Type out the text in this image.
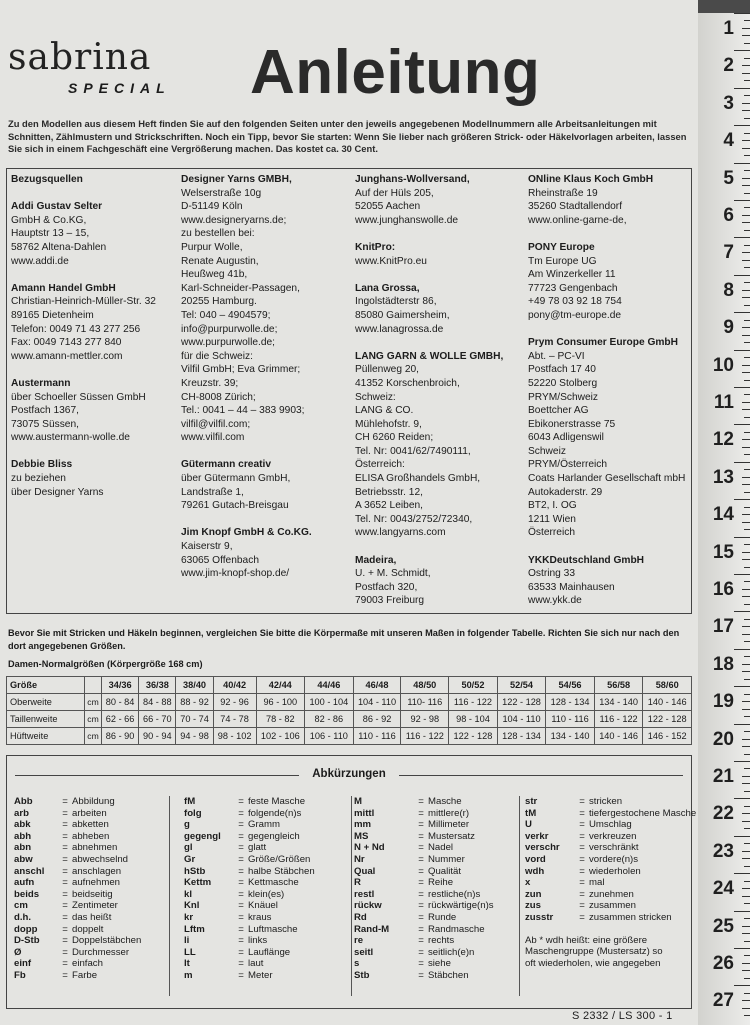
sabrina
SPECIAL Anleitung
Zu den Modellen aus diesem Heft finden Sie auf den folgenden Seiten unter den jeweils angegebenen Modellnummern alle Arbeitsanleitungen mit Schnitten, Zählmustern und Strickschriften. Noch ein Tipp, bevor Sie starten: Wenn Sie lieber nach größeren Strick- oder Häkelvorlagen arbeiten, lassen Sie sich in einem Fachgeschäft eine Vergrößerung machen. Das kostet ca. 30 Cent.
Bezugsquellen
Addi Gustav Selter
GmbH & Co.KG,
Hauptstr 13 – 15,
58762 Altena-Dahlen
www.addi.de
Amann Handel GmbH
Christian-Heinrich-Müller-Str. 32
89165 Dietenheim
Telefon: 0049 71 43 277 256
Fax: 0049 7143 277 840
www.amann-mettler.com
Austermann
über Schoeller Süssen GmbH
Postfach 1367,
73075 Süssen,
www.austermann-wolle.de
Debbie Bliss
zu beziehen
über Designer Yarns
Designer Yarns GMBH,
Welserstraße 10g
D-51149 Köln
www.designeryarns.de;
zu bestellen bei:
Purpur Wolle,
Renate Augustin,
Heußweg 41b,
Karl-Schneider-Passagen,
20255 Hamburg.
Tel: 040 – 4904579;
info@purpurwolle.de;
www.purpurwolle.de;
für die Schweiz:
Vilfil GmbH; Eva Grimmer;
Kreuzstr. 39;
CH-8008 Zürich;
Tel.: 0041 – 44 – 383 9903;
vilfil@vilfil.com;
www.vilfil.com
Gütermann creativ
über Gütermann GmbH,
Landstraße 1,
79261 Gutach-Breisgau
Jim Knopf GmbH & Co.KG.
Kaiserstr 9,
63065 Offenbach
www.jim-knopf-shop.de/
Junghans-Wollversand,
Auf der Hüls 205,
52055 Aachen
www.junghanswolle.de
KnitPro:
www.KnitPro.eu
Lana Grossa,
Ingolstädterstr 86,
85080 Gaimersheim,
www.lanagrossa.de
LANG GARN & WOLLE GMBH,
Püllenweg 20,
41352 Korschenbroich,
Schweiz:
LANG & CO.
Mühlehofstr. 9,
CH 6260 Reiden;
Tel. Nr: 0041/62/7490111,
Österreich:
ELISA Großhandels GmbH,
Betriebsstr. 12,
A 3652 Leiben,
Tel. Nr: 0043/2752/72340,
www.langyarns.com
Madeira,
U. + M. Schmidt,
Postfach 320,
79003 Freiburg
ONline Klaus Koch GmbH
Rheinstraße 19
35260 Stadtallendorf
www.online-garne-de,
PONY Europe
Tm Europe UG
Am Winzerkeller 11
77723 Gengenbach
+49 78 03 92 18 754
pony@tm-europe.de
Prym Consumer Europe GmbH
Abt. – PC-VI
Postfach 17 40
52220 Stolberg
PRYM/Schweiz
Boettcher AG
Ebikonerstrasse 75
6043 Adligenswil
Schweiz
PRYM/Österreich
Coats Harlander Gesellschaft mbH
Autokaderstr. 29
BT2, I. OG
1211 Wien
Österreich
YKKDeutschland GmbH
Ostring 33
63533 Mainhausen
www.ykk.de
Bevor Sie mit Stricken und Häkeln beginnen, vergleichen Sie bitte die Körpermaße mit unseren Maßen in folgender Tabelle. Richten Sie sich nur nach den dort angegebenen Größen.
Damen-Normalgrößen (Körpergröße 168 cm)
Größe		34/36	36/38	38/40	40/42	42/44	44/46	46/48	48/50	50/52	52/54	54/56	56/58	58/60
Oberweite	cm	80 - 84	84 - 88	88 - 92	92 - 96	96 - 100	100 - 104	104 - 110	110- 116	116 - 122	122 - 128	128 - 134	134 - 140	140 - 146
Taillenweite	cm	62 - 66	66 - 70	70 - 74	74 - 78	78 - 82	82 - 86	86 - 92	92 - 98	98 - 104	104 - 110	110 - 116	116 - 122	122 - 128
Hüftweite	cm	86 - 90	90 - 94	94 - 98	98 - 102	102 - 106	106 - 110	110 - 116	116 - 122	122 - 128	128 - 134	134 - 140	140 - 146	146 - 152
Abkürzungen
Abb	= Abbildung
arb	= arbeiten
abk	= abketten
abh	= abheben
abn	= abnehmen
abw	= abwechselnd
anschl	= anschlagen
aufn	= aufnehmen
beids	= beidseitig
cm	= Zentimeter
d.h.	= das heißt
dopp	= doppelt
D-Stb	= Doppelstäbchen
Ø	= Durchmesser
einf	= einfach
Fb	= Farbe
fM	= feste Masche
folg	= folgende(n)s
g	= Gramm
gegengl	= gegengleich
gl	= glatt
Gr	= Größe/Größen
hStb	= halbe Stäbchen
Kettm	= Kettmasche
kl	= klein(es)
Knl	= Knäuel
kr	= kraus
Lftm	= Luftmasche
li	= links
LL	= Lauflänge
lt	= laut
m	= Meter
M	= Masche
mittl	= mittlere(r)
mm	= Millimeter
MS	= Mustersatz
N + Nd	= Nadel
Nr	= Nummer
Qual	= Qualität
R	= Reihe
restl	= restliche(n)s
rückw	= rückwärtige(n)s
Rd	= Runde
Rand-M	= Randmasche
re	= rechts
seitl	= seitlich(e)n
s	= siehe
Stb	= Stäbchen
str	= stricken
tM	= tiefergestochene Masche
U	= Umschlag
verkr	= verkreuzen
verschr	= verschränkt
vord	= vordere(n)s
wdh	= wiederholen
x	= mal
zun	= zunehmen
zus	= zusammen
zusstr	= zusammen stricken
Ab * wdh heißt: eine größere
Maschengruppe (Mustersatz) so
oft wiederholen, wie angegeben
S 2332 / LS 300 - 1
1
2
3
4
5
6
7
8
9
10
11
12
13
14
15
16
17
18
19
20
21
22
23
24
25
26
27
